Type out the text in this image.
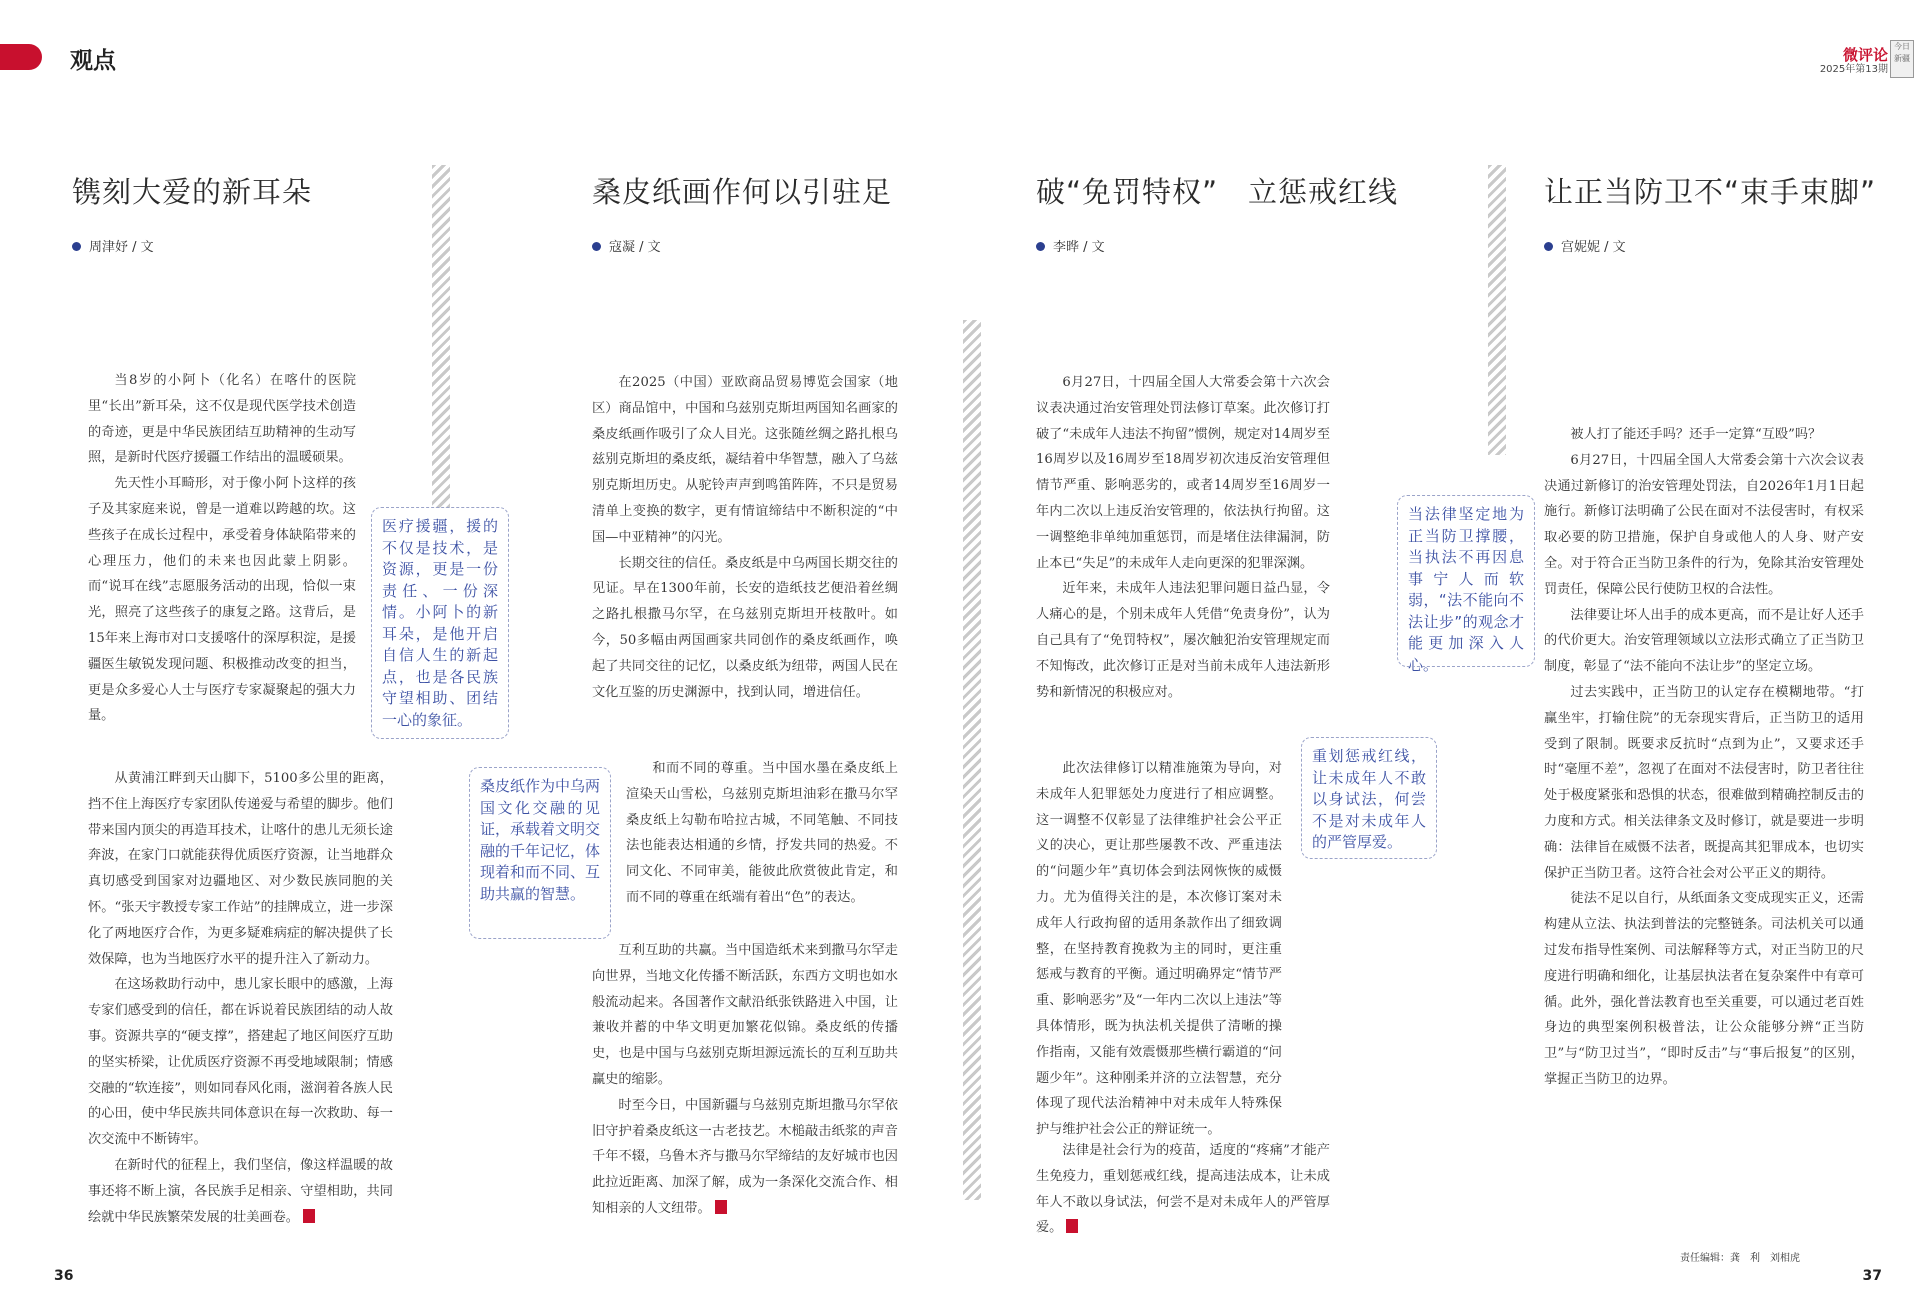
观点	微评论
2025年第13期
今日新疆
镌刻大爱的新耳朵
周津妤 / 文

当8岁的小阿卜（化名）在喀什的医院里“长出”新耳朵，这不仅是现代医学技术创造的奇迹，更是中华民族团结互助精神的生动写照，是新时代医疗援疆工作结出的温暖硕果。

先天性小耳畸形，对于像小阿卜这样的孩子及其家庭来说，曾是一道难以跨越的坎。这些孩子在成长过程中，承受着身体缺陷带来的心理压力，他们的未来也因此蒙上阴影。而“说耳在线”志愿服务活动的出现，恰似一束光，照亮了这些孩子的康复之路。这背后，是15年来上海市对口支援喀什的深厚积淀，是援疆医生敏锐发现问题、积极推动改变的担当，更是众多爱心人士与医疗专家凝聚起的强大力量。

从黄浦江畔到天山脚下，5100多公里的距离，挡不住上海医疗专家团队传递爱与希望的脚步。他们带来国内顶尖的再造耳技术，让喀什的患儿无须长途奔波，在家门口就能获得优质医疗资源，让当地群众真切感受到国家对边疆地区、对少数民族同胞的关怀。“张天宇教授专家工作站”的挂牌成立，进一步深化了两地医疗合作，为更多疑难病症的解决提供了长效保障，也为当地医疗水平的提升注入了新动力。

在这场救助行动中，患儿家长眼中的感激，上海专家们感受到的信任，都在诉说着民族团结的动人故事。资源共享的“硬支撑”，搭建起了地区间医疗互助的坚实桥梁，让优质医疗资源不再受地域限制；情感交融的“软连接”，则如同春风化雨，滋润着各族人民的心田，使中华民族共同体意识在每一次救助、每一次交流中不断铸牢。

在新时代的征程上，我们坚信，像这样温暖的故事还将不断上演，各民族手足相亲、守望相助，共同绘就中华民族繁荣发展的壮美画卷。

医疗援疆，援的不仅是技术，是资源，更是一份责任、一份深情。小阿卜的新耳朵，是他开启自信人生的新起点，也是各民族守望相助、团结一心的象征。
桑皮纸画作何以引驻足
寇凝 / 文

在2025（中国）亚欧商品贸易博览会国家（地区）商品馆中，中国和乌兹别克斯坦两国知名画家的桑皮纸画作吸引了众人目光。这张随丝绸之路扎根乌兹别克斯坦的桑皮纸，凝结着中华智慧，融入了乌兹别克斯坦历史。从驼铃声声到鸣笛阵阵，不只是贸易清单上变换的数字，更有情谊缔结中不断积淀的“中国—中亚精神”的闪光。

长期交往的信任。桑皮纸是中乌两国长期交往的见证。早在1300年前，长安的造纸技艺便沿着丝绸之路扎根撒马尔罕，在乌兹别克斯坦开枝散叶。如今，50多幅由两国画家共同创作的桑皮纸画作，唤起了共同交往的记忆，以桑皮纸为纽带，两国人民在文化互鉴的历史渊源中，找到认同，增进信任。

和而不同的尊重。当中国水墨在桑皮纸上渲染天山雪松，乌兹别克斯坦油彩在撒马尔罕桑皮纸上勾勒布哈拉古城，不同笔触、不同技法也能表达相通的乡情，抒发共同的热爱。不同文化、不同审美，能彼此欣赏彼此肯定，和而不同的尊重在纸端有着出“色”的表达。

互利互助的共赢。当中国造纸术来到撒马尔罕走向世界，当地文化传播不断活跃，东西方文明也如水般流动起来。各国著作文献沿纸张铁路进入中国，让兼收并蓄的中华文明更加繁花似锦。桑皮纸的传播史，也是中国与乌兹别克斯坦源远流长的互利互助共赢史的缩影。

时至今日，中国新疆与乌兹别克斯坦撒马尔罕依旧守护着桑皮纸这一古老技艺。木槌敲击纸浆的声音千年不辍，乌鲁木齐与撒马尔罕缔结的友好城市也因此拉近距离、加深了解，成为一条深化交流合作、相知相亲的人文纽带。

桑皮纸作为中乌两国文化交融的见证，承载着文明交融的千年记忆，体现着和而不同、互助共赢的智慧。
破“免罚特权”　立惩戒红线
李晔 / 文

6月27日，十四届全国人大常委会第十六次会议表决通过治安管理处罚法修订草案。此次修订打破了“未成年人违法不拘留”惯例，规定对14周岁至16周岁以及16周岁至18周岁初次违反治安管理但情节严重、影响恶劣的，或者14周岁至16周岁一年内二次以上违反治安管理的，依法执行拘留。这一调整绝非单纯加重惩罚，而是堵住法律漏洞，防止本已“失足”的未成年人走向更深的犯罪深渊。

近年来，未成年人违法犯罪问题日益凸显，令人痛心的是，个别未成年人凭借“免责身份”，认为自己具有了“免罚特权”，屡次触犯治安管理规定而不知悔改，此次修订正是对当前未成年人违法新形势和新情况的积极应对。

此次法律修订以精准施策为导向，对未成年人犯罪惩处力度进行了相应调整。这一调整不仅彰显了法律维护社会公平正义的决心，更让那些屡教不改、严重违法的“问题少年”真切体会到法网恢恢的威慑力。尤为值得关注的是，本次修订案对未成年人行政拘留的适用条款作出了细致调整，在坚持教育挽救为主的同时，更注重惩戒与教育的平衡。通过明确界定“情节严重、影响恶劣”及“一年内二次以上违法”等具体情形，既为执法机关提供了清晰的操作指南，又能有效震慑那些横行霸道的“问题少年”。这种刚柔并济的立法智慧，充分体现了现代法治精神中对未成年人特殊保护与维护社会公正的辩证统一。

法律是社会行为的疫苗，适度的“疼痛”才能产生免疫力，重划惩戒红线，提高违法成本，让未成年人不敢以身试法，何尝不是对未成年人的严管厚爱。

重划惩戒红线，让未成年人不敢以身试法，何尝不是对未成年人的严管厚爱。
让正当防卫不“束手束脚”
宫妮妮 / 文

被人打了能还手吗？还手一定算“互殴”吗？

6月27日，十四届全国人大常委会第十六次会议表决通过新修订的治安管理处罚法，自2026年1月1日起施行。新修订法明确了公民在面对不法侵害时，有权采取必要的防卫措施，保护自身或他人的人身、财产安全。对于符合正当防卫条件的行为，免除其治安管理处罚责任，保障公民行使防卫权的合法性。

法律要让坏人出手的成本更高，而不是让好人还手的代价更大。治安管理领域以立法形式确立了正当防卫制度，彰显了“法不能向不法让步”的坚定立场。

过去实践中，正当防卫的认定存在模糊地带。“打赢坐牢，打输住院”的无奈现实背后，正当防卫的适用受到了限制。既要求反抗时“点到为止”，又要求还手时“毫厘不差”，忽视了在面对不法侵害时，防卫者往往处于极度紧张和恐惧的状态，很难做到精确控制反击的力度和方式。相关法律条文及时修订，就是要进一步明确：法律旨在威慑不法者，既提高其犯罪成本，也切实保护正当防卫者。这符合社会对公平正义的期待。

徒法不足以自行，从纸面条文变成现实正义，还需构建从立法、执法到普法的完整链条。司法机关可以通过发布指导性案例、司法解释等方式，对正当防卫的尺度进行明确和细化，让基层执法者在复杂案件中有章可循。此外，强化普法教育也至关重要，可以通过老百姓身边的典型案例积极普法，让公众能够分辨“正当防卫”与“防卫过当”，“即时反击”与“事后报复”的区别，掌握正当防卫的边界。

当法律坚定地为正当防卫撑腰，当执法不再因息事宁人而软弱，“法不能向不法让步”的观念才能更加深入人心。
36	37
责任编辑：龚　利　刘相虎
